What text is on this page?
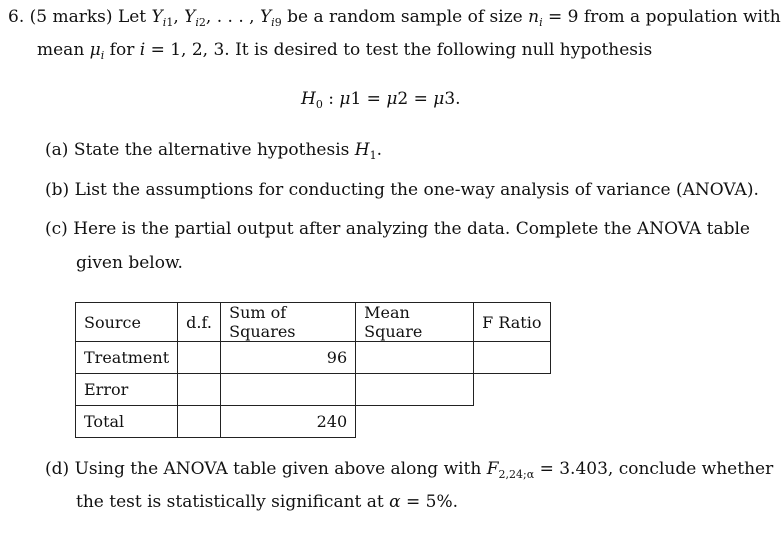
6. (5 marks) Let $Y_{i1}$, $Y_{i2}$, . . . , $Y_{i9}$ be a random sample of size $n_i = 9$ from a population with
mean $\mu_i$ for i = 1, 2, 3. It is desired to test the following null hypothesis
$H_0$ : μ1 = μ2 = μ3.
(a) State the alternative hypothesis $H_1$.
(b) List the assumptions for conducting the one-way analysis of variance (ANOVA).
(c) Here is the partial output after analyzing the data. Complete the ANOVA table
given below.
Source	d.f.	Sum of Squares	Mean Square	F Ratio
Treatment		96		
Error				
Total		240		
(d) Using the ANOVA table given above along with $F_{2,24;\alpha} = 3.403$, conclude whether
the test is statistically significant at α = 5%.
